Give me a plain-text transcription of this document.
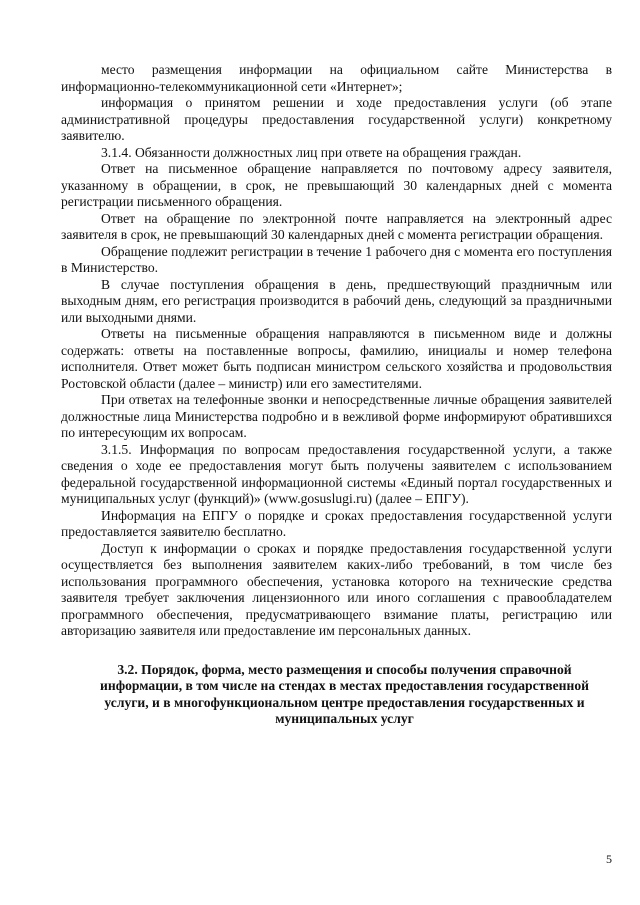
место размещения информации на официальном сайте Министерства в информационно-телекоммуникационной сети «Интернет»;

информация о принятом решении и ходе предоставления услуги (об этапе административной процедуры предоставления государственной услуги) конкретному заявителю.

3.1.4. Обязанности должностных лиц при ответе на обращения граждан.

Ответ на письменное обращение направляется по почтовому адресу заявителя, указанному в обращении, в срок, не превышающий 30 календарных дней с момента регистрации письменного обращения.

Ответ на обращение по электронной почте направляется на электронный адрес заявителя в срок, не превышающий 30 календарных дней с момента регистрации обращения.

Обращение подлежит регистрации в течение 1 рабочего дня с момента его поступления в Министерство.

В случае поступления обращения в день, предшествующий праздничным или выходным дням, его регистрация производится в рабочий день, следующий за праздничными или выходными днями.

Ответы на письменные обращения направляются в письменном виде и должны содержать: ответы на поставленные вопросы, фамилию, инициалы и номер телефона исполнителя. Ответ может быть подписан министром сельского хозяйства и продовольствия Ростовской области (далее – министр) или его заместителями.

При ответах на телефонные звонки и непосредственные личные обращения заявителей должностные лица Министерства подробно и в вежливой форме информируют обратившихся по интересующим их вопросам.

3.1.5. Информация по вопросам предоставления государственной услуги, а также сведения о ходе ее предоставления могут быть получены заявителем с использованием федеральной государственной информационной системы «Единый портал государственных и муниципальных услуг (функций)» (www.gosuslugi.ru) (далее – ЕПГУ).

Информация на ЕПГУ о порядке и сроках предоставления государственной услуги предоставляется заявителю бесплатно.

Доступ к информации о сроках и порядке предоставления государственной услуги осуществляется без выполнения заявителем каких-либо требований, в том числе без использования программного обеспечения, установка которого на технические средства заявителя требует заключения лицензионного или иного соглашения с правообладателем программного обеспечения, предусматривающего взимание платы, регистрацию или авторизацию заявителя или предоставление им персональных данных.

3.2. Порядок, форма, место размещения и способы получения справочной информации, в том числе на стендах в местах предоставления государственной услуги, и в многофункциональном центре предоставления государственных и муниципальных услуг

5
